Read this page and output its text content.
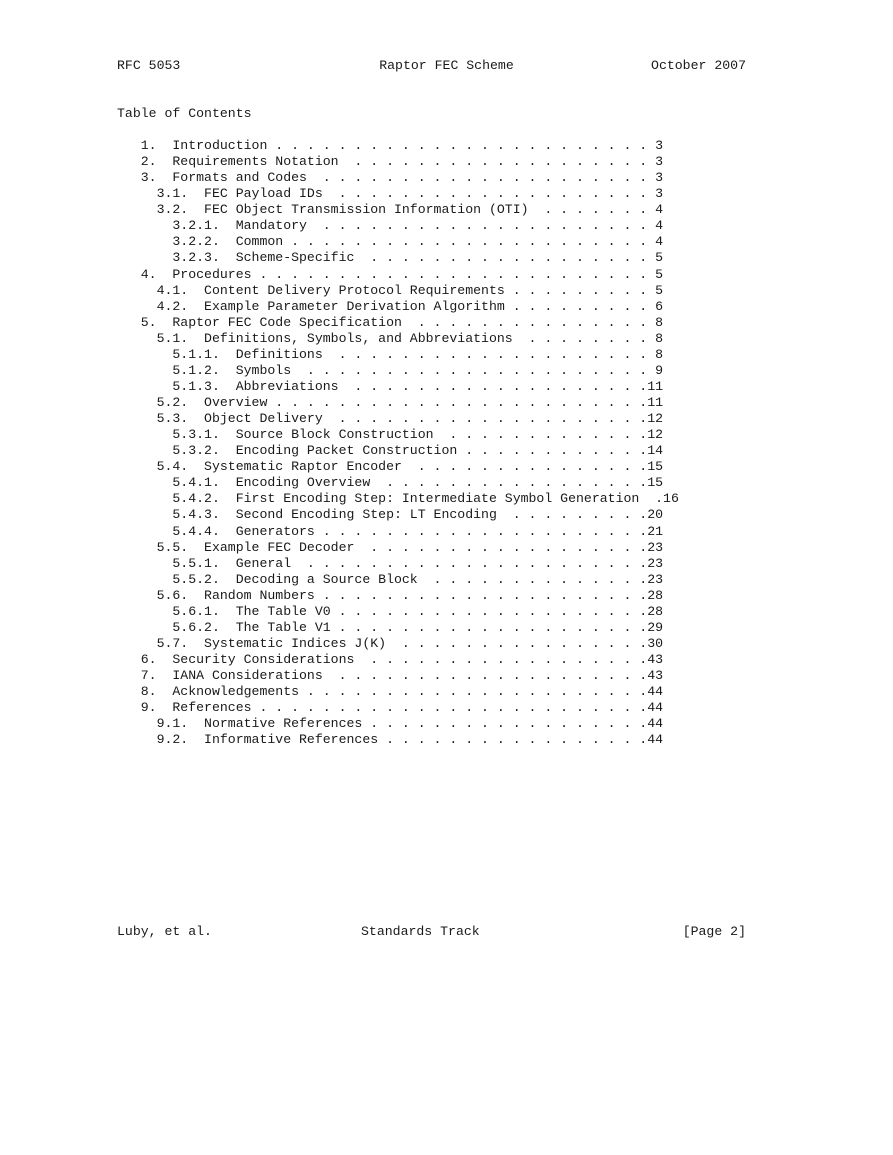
RFC 5053	Raptor FEC Scheme	October 2007
Table of Contents
1.  Introduction . . . . . . . . . . . . . . . . . . . . . . . . 3
2.  Requirements Notation  . . . . . . . . . . . . . . . . . . . 3
3.  Formats and Codes  . . . . . . . . . . . . . . . . . . . . . 3
3.1.  FEC Payload IDs  . . . . . . . . . . . . . . . . . . . . 3
3.2.  FEC Object Transmission Information (OTI)  . . . . . . . 4
3.2.1.  Mandatory  . . . . . . . . . . . . . . . . . . . . . 4
3.2.2.  Common . . . . . . . . . . . . . . . . . . . . . . . 4
3.2.3.  Scheme-Specific  . . . . . . . . . . . . . . . . . . 5
4.  Procedures . . . . . . . . . . . . . . . . . . . . . . . . . 5
4.1.  Content Delivery Protocol Requirements . . . . . . . . . 5
4.2.  Example Parameter Derivation Algorithm . . . . . . . . . 6
5.  Raptor FEC Code Specification  . . . . . . . . . . . . . . . 8
5.1.  Definitions, Symbols, and Abbreviations  . . . . . . . . 8
5.1.1.  Definitions  . . . . . . . . . . . . . . . . . . . . 8
5.1.2.  Symbols  . . . . . . . . . . . . . . . . . . . . . . 9
5.1.3.  Abbreviations  . . . . . . . . . . . . . . . . . . .11
5.2.  Overview . . . . . . . . . . . . . . . . . . . . . . . .11
5.3.  Object Delivery  . . . . . . . . . . . . . . . . . . . .12
5.3.1.  Source Block Construction  . . . . . . . . . . . . .12
5.3.2.  Encoding Packet Construction . . . . . . . . . . . .14
5.4.  Systematic Raptor Encoder  . . . . . . . . . . . . . . .15
5.4.1.  Encoding Overview  . . . . . . . . . . . . . . . . .15
5.4.2.  First Encoding Step: Intermediate Symbol Generation  .16
5.4.3.  Second Encoding Step: LT Encoding  . . . . . . . . .20
5.4.4.  Generators . . . . . . . . . . . . . . . . . . . . .21
5.5.  Example FEC Decoder  . . . . . . . . . . . . . . . . . .23
5.5.1.  General  . . . . . . . . . . . . . . . . . . . . . .23
5.5.2.  Decoding a Source Block  . . . . . . . . . . . . . .23
5.6.  Random Numbers . . . . . . . . . . . . . . . . . . . . .28
5.6.1.  The Table V0 . . . . . . . . . . . . . . . . . . . .28
5.6.2.  The Table V1 . . . . . . . . . . . . . . . . . . . .29
5.7.  Systematic Indices J(K)  . . . . . . . . . . . . . . . .30
6.  Security Considerations  . . . . . . . . . . . . . . . . . .43
7.  IANA Considerations  . . . . . . . . . . . . . . . . . . . .43
8.  Acknowledgements . . . . . . . . . . . . . . . . . . . . . .44
9.  References . . . . . . . . . . . . . . . . . . . . . . . . .44
9.1.  Normative References . . . . . . . . . . . . . . . . . .44
9.2.  Informative References . . . . . . . . . . . . . . . . .44
Luby, et al.	Standards Track	[Page 2]
